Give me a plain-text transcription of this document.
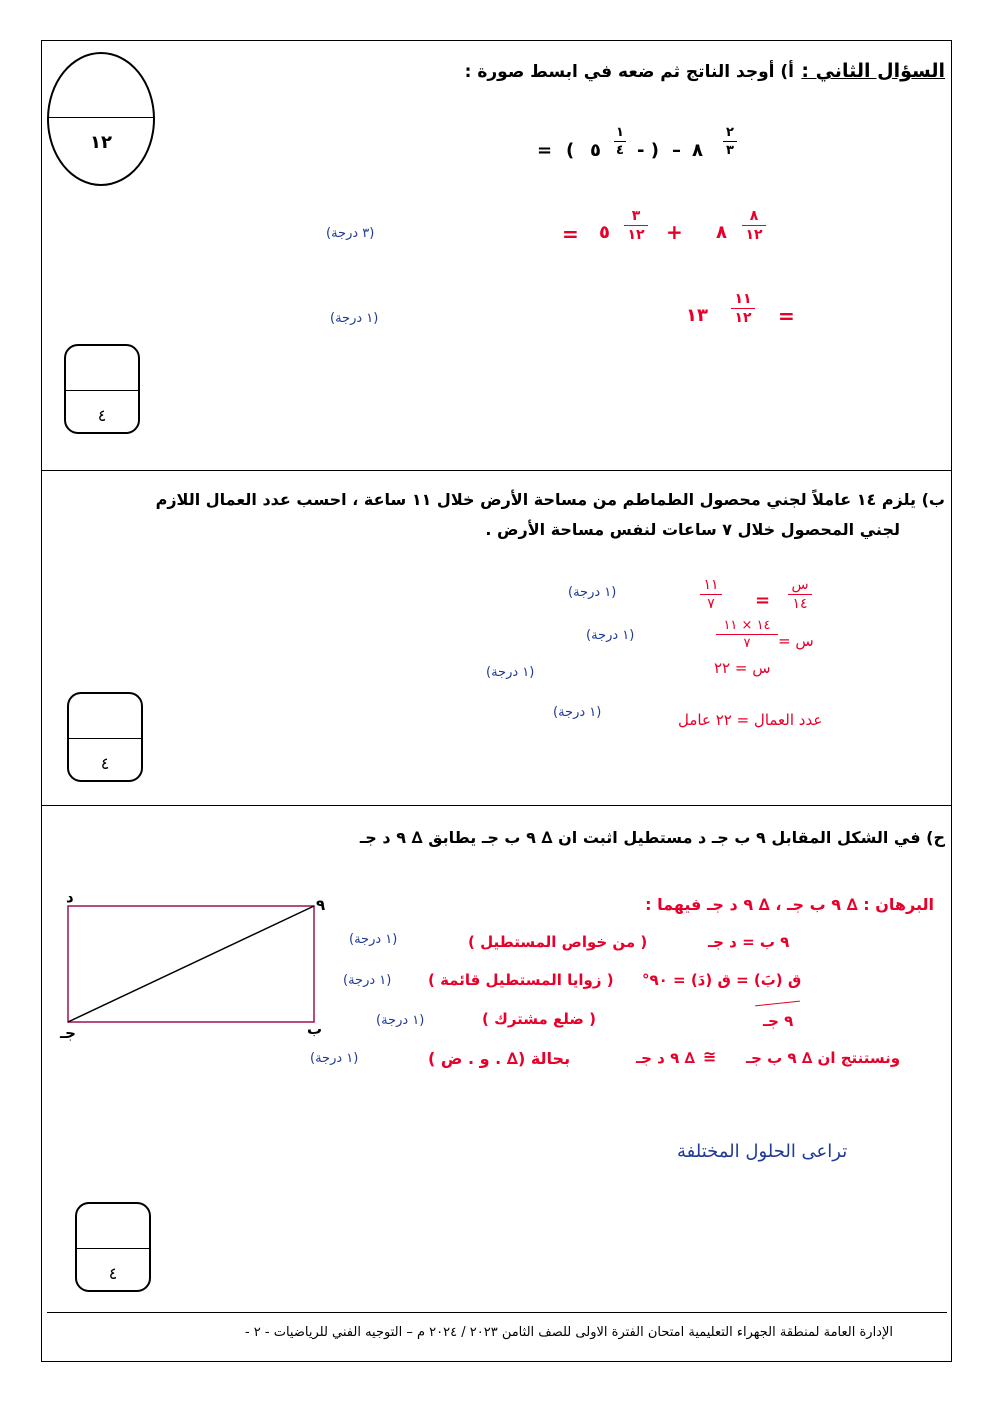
السؤال الثاني :
أ) أوجد الناتج ثم ضعه في ابسط صورة :
١٢	= ( ٥
١
٤ - ) – ٨
٢
٣
(٣ درجة)	= ٥
٣
١٢ + ٨
٨
١٢
(١ درجة)	١٣
١١
١٢ =
٤
ب) يلزم ١٤ عاملاً لجني محصول الطماطم من مساحة الأرض خلال ١١ ساعة ، احسب عدد العمال اللازم
لجني المحصول خلال ٧ ساعات لنفس مساحة الأرض .
(١ درجة)	١١
٧ =
س
١٤
(١ درجة)
١٤ × ١١
٧ س =
(١ درجة)	س = ٢٢
(١ درجة)	عدد العمال = ٢٢ عامل
٤
ح) في الشكل المقابل ٩ ب جـ د مستطيل اثبت ان ∆ ٩ ب جـ يطابق ∆ ٩ د جـ
د	٩
جـ	ب
البرهان : ∆ ٩ ب جـ ، ∆ ٩ د جـ فيهما :
(١ درجة)	( من خواص المستطيل )	٩ ب = د جـ
(١ درجة) ( زوايا المستطيل قائمة ) ق (بَ) = ق (دَ) = ٩٠°
(١ درجة)	( ضلع مشترك )	٩ جـ
(١ درجة)	بحالة (∆ . و . ض )	∆ ٩ د جـ ≅ ونستنتج ان ∆ ٩ ب جـ
تراعى الحلول المختلفة
٤
الإدارة العامة لمنطقة الجهراء التعليمية امتحان الفترة الاولى للصف الثامن ٢٠٢٣ / ٢٠٢٤ م – التوجيه الفني للرياضيات - ٢ -
